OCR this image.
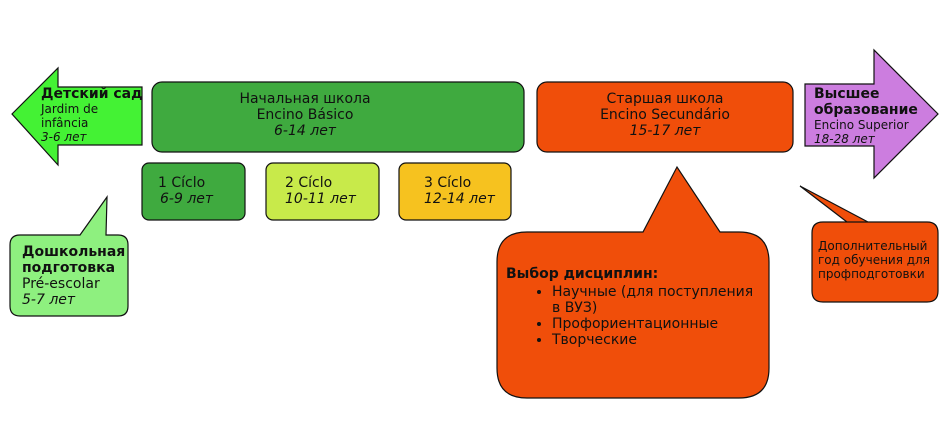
Детский сад
Jardim de infância
3-6 лет
Начальная школа
Encino Básico
6-14 лет
Старшая школа
Encino Secundário
15-17 лет
Высшее образование
Encino Superior
18-28 лет
1 Cíclo
6-9 лет
2 Cíclo
10-11 лет
3 Cíclo
12-14 лет
Дошкольная подготовка
Pré-escolar
5-7 лет
Выбор дисциплин:
• Научные (для поступления в ВУЗ)
• Профориентационные
• Творческие
Дополнительный год обучения для профподготовки
